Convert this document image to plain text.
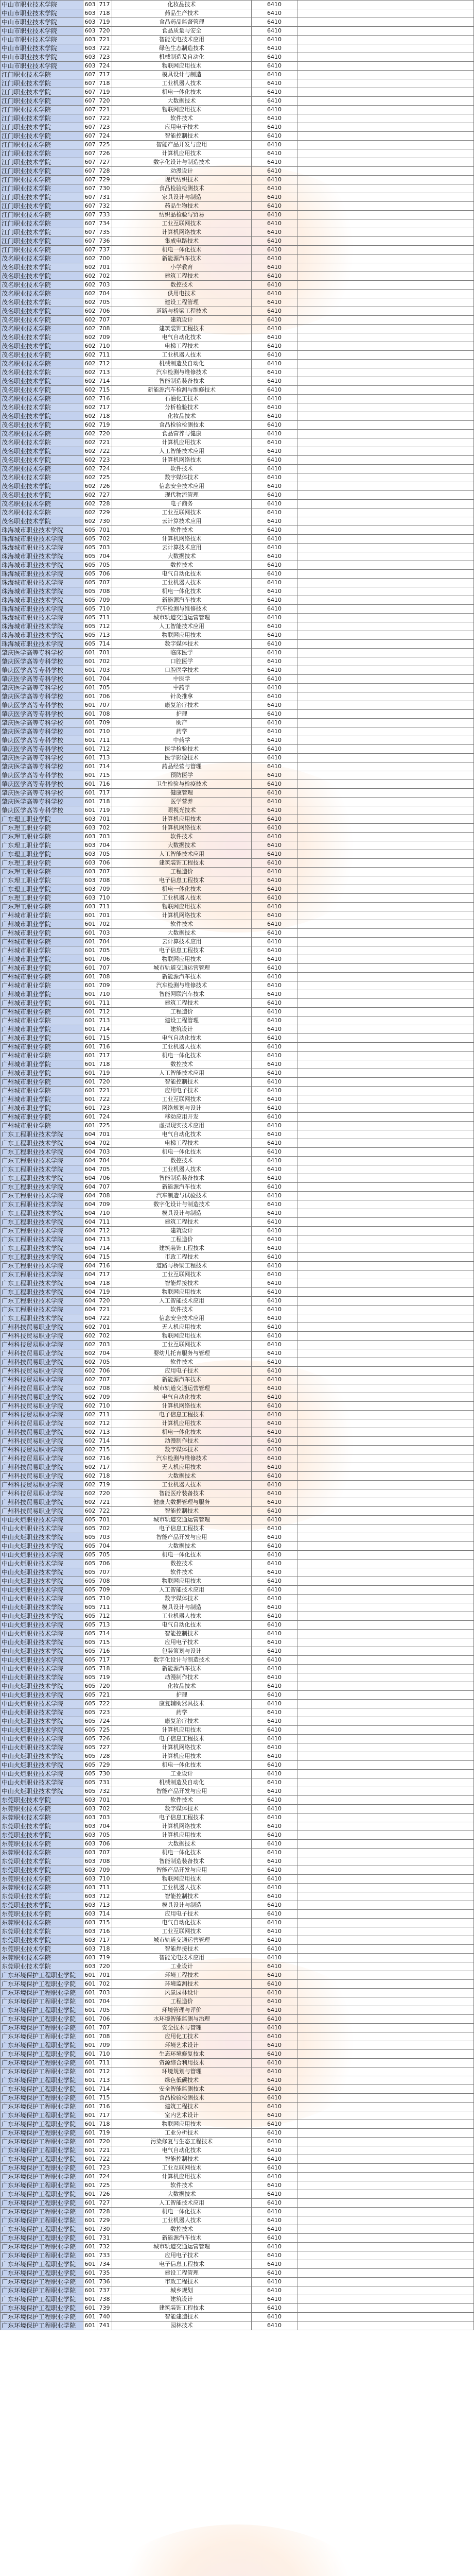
中山市职业技术学院	603	717	化妆品技术	6410	
中山市职业技术学院	603	718	药品生产技术	6410	
中山市职业技术学院	603	719	食品药品监督管理	6410	
中山市职业技术学院	603	720	食品质量与安全	6410	
中山市职业技术学院	603	721	智能光电技术应用	6410	
中山市职业技术学院	603	722	绿色生态制造技术	6410	
中山市职业技术学院	603	723	机械制造及自动化	6410	
中山市职业技术学院	603	724	物联网应用技术	6410	
江门职业技术学院	607	717	模具设计与制造	6410	
江门职业技术学院	607	718	工业机器人技术	6410	
江门职业技术学院	607	719	机电一体化技术	6410	
江门职业技术学院	607	720	大数据技术	6410	
江门职业技术学院	607	721	物联网应用技术	6410	
江门职业技术学院	607	722	软件技术	6410	
江门职业技术学院	607	723	应用电子技术	6410	
江门职业技术学院	607	724	智能控制技术	6410	
江门职业技术学院	607	725	智能产品开发与应用	6410	
江门职业技术学院	607	726	计算机应用技术	6410	
江门职业技术学院	607	727	数字化设计与制造技术	6410	
江门职业技术学院	607	728	动漫设计	6410	
江门职业技术学院	607	729	现代纺织技术	6410	
江门职业技术学院	607	730	食品检验检测技术	6410	
江门职业技术学院	607	731	家具设计与制造	6410	
江门职业技术学院	607	732	药品生物技术	6410	
江门职业技术学院	607	733	纺织品检验与贸易	6410	
江门职业技术学院	607	734	工业互联网技术	6410	
江门职业技术学院	607	735	计算机网络技术	6410	
江门职业技术学院	607	736	集成电路技术	6410	
江门职业技术学院	607	737	机电一体化技术	6410	
茂名职业技术学院	602	700	新能源汽车技术	6410	
茂名职业技术学院	602	701	小学教育	6410	
茂名职业技术学院	602	702	建筑工程技术	6410	
茂名职业技术学院	602	703	数控技术	6410	
茂名职业技术学院	602	704	供用电技术	6410	
茂名职业技术学院	602	705	建设工程管理	6410	
茂名职业技术学院	602	706	道路与桥梁工程技术	6410	
茂名职业技术学院	602	707	建筑设计	6410	
茂名职业技术学院	602	708	建筑装饰工程技术	6410	
茂名职业技术学院	602	709	电气自动化技术	6410	
茂名职业技术学院	602	710	电梯工程技术	6410	
茂名职业技术学院	602	711	工业机器人技术	6410	
茂名职业技术学院	602	712	机械制造及自动化	6410	
茂名职业技术学院	602	713	汽车检测与维修技术	6410	
茂名职业技术学院	602	714	智能制造装备技术	6410	
茂名职业技术学院	602	715	新能源汽车检测与维修技术	6410	
茂名职业技术学院	602	716	石油化工技术	6410	
茂名职业技术学院	602	717	分析检验技术	6410	
茂名职业技术学院	602	718	化妆品技术	6410	
茂名职业技术学院	602	719	食品检验检测技术	6410	
茂名职业技术学院	602	720	食品营养与健康	6410	
茂名职业技术学院	602	721	计算机应用技术	6410	
茂名职业技术学院	602	722	人工智能技术应用	6410	
茂名职业技术学院	602	723	计算机网络技术	6410	
茂名职业技术学院	602	724	软件技术	6410	
茂名职业技术学院	602	725	数字媒体技术	6410	
茂名职业技术学院	602	726	信息安全技术应用	6410	
茂名职业技术学院	602	727	现代物流管理	6410	
茂名职业技术学院	602	728	电子商务	6410	
茂名职业技术学院	602	729	工业互联网技术	6410	
茂名职业技术学院	602	730	云计算技术应用	6410	
珠海城市职业技术学院	605	701	软件技术	6410	
珠海城市职业技术学院	605	702	计算机网络技术	6410	
珠海城市职业技术学院	605	703	云计算技术应用	6410	
珠海城市职业技术学院	605	704	大数据技术	6410	
珠海城市职业技术学院	605	705	数控技术	6410	
珠海城市职业技术学院	605	706	电气自动化技术	6410	
珠海城市职业技术学院	605	707	工业机器人技术	6410	
珠海城市职业技术学院	605	708	机电一体化技术	6410	
珠海城市职业技术学院	605	709	新能源汽车技术	6410	
珠海城市职业技术学院	605	710	汽车检测与维修技术	6410	
珠海城市职业技术学院	605	711	城市轨道交通运营管理	6410	
珠海城市职业技术学院	605	712	人工智能技术应用	6410	
珠海城市职业技术学院	605	713	物联网应用技术	6410	
珠海城市职业技术学院	605	714	数字媒体技术	6410	
肇庆医学高等专科学校	601	701	临床医学	6410	
肇庆医学高等专科学校	601	702	口腔医学	6410	
肇庆医学高等专科学校	601	703	口腔医学技术	6410	
肇庆医学高等专科学校	601	704	中医学	6410	
肇庆医学高等专科学校	601	705	中药学	6410	
肇庆医学高等专科学校	601	706	针灸推拿	6410	
肇庆医学高等专科学校	601	707	康复治疗技术	6410	
肇庆医学高等专科学校	601	708	护理	6410	
肇庆医学高等专科学校	601	709	助产	6410	
肇庆医学高等专科学校	601	710	药学	6410	
肇庆医学高等专科学校	601	711	中药学	6410	
肇庆医学高等专科学校	601	712	医学检验技术	6410	
肇庆医学高等专科学校	601	713	医学影像技术	6410	
肇庆医学高等专科学校	601	714	药品经营与管理	6410	
肇庆医学高等专科学校	601	715	预防医学	6410	
肇庆医学高等专科学校	601	716	卫生检验与检疫技术	6410	
肇庆医学高等专科学校	601	717	健康管理	6410	
肇庆医学高等专科学校	601	718	医学营养	6410	
肇庆医学高等专科学校	601	719	眼视光技术	6410	
广东理工职业学院	603	701	计算机应用技术	6410	
广东理工职业学院	603	702	计算机网络技术	6410	
广东理工职业学院	603	703	软件技术	6410	
广东理工职业学院	603	704	大数据技术	6410	
广东理工职业学院	603	705	人工智能技术应用	6410	
广东理工职业学院	603	706	建筑装饰工程技术	6410	
广东理工职业学院	603	707	工程造价	6410	
广东理工职业学院	603	708	电子信息工程技术	6410	
广东理工职业学院	603	709	机电一体化技术	6410	
广东理工职业学院	603	710	工业机器人技术	6410	
广东理工职业学院	603	711	物联网应用技术	6410	
广州城市职业学院	601	701	计算机网络技术	6410	
广州城市职业学院	601	702	软件技术	6410	
广州城市职业学院	601	703	大数据技术	6410	
广州城市职业学院	601	704	云计算技术应用	6410	
广州城市职业学院	601	705	电子信息工程技术	6410	
广州城市职业学院	601	706	物联网应用技术	6410	
广州城市职业学院	601	707	城市轨道交通运营管理	6410	
广州城市职业学院	601	708	新能源汽车技术	6410	
广州城市职业学院	601	709	汽车检测与维修技术	6410	
广州城市职业学院	601	710	智能网联汽车技术	6410	
广州城市职业学院	601	711	建筑工程技术	6410	
广州城市职业学院	601	712	工程造价	6410	
广州城市职业学院	601	713	建设工程管理	6410	
广州城市职业学院	601	714	建筑设计	6410	
广州城市职业学院	601	715	电气自动化技术	6410	
广州城市职业学院	601	716	工业机器人技术	6410	
广州城市职业学院	601	717	机电一体化技术	6410	
广州城市职业学院	601	718	数控技术	6410	
广州城市职业学院	601	719	人工智能技术应用	6410	
广州城市职业学院	601	720	智能控制技术	6410	
广州城市职业学院	601	721	应用电子技术	6410	
广州城市职业学院	601	722	工业互联网技术	6410	
广州城市职业学院	601	723	网络规划与设计	6410	
广州城市职业学院	601	724	移动应用开发	6410	
广州城市职业学院	601	725	虚拟现实技术应用	6410	
广东工程职业技术学院	604	701	电气自动化技术	6410	
广东工程职业技术学院	604	702	电梯工程技术	6410	
广东工程职业技术学院	604	703	机电一体化技术	6410	
广东工程职业技术学院	604	704	数控技术	6410	
广东工程职业技术学院	604	705	工业机器人技术	6410	
广东工程职业技术学院	604	706	智能制造装备技术	6410	
广东工程职业技术学院	604	707	新能源汽车技术	6410	
广东工程职业技术学院	604	708	汽车制造与试验技术	6410	
广东工程职业技术学院	604	709	数字化设计与制造技术	6410	
广东工程职业技术学院	604	710	模具设计与制造	6410	
广东工程职业技术学院	604	711	建筑工程技术	6410	
广东工程职业技术学院	604	712	建筑设计	6410	
广东工程职业技术学院	604	713	工程造价	6410	
广东工程职业技术学院	604	714	建筑装饰工程技术	6410	
广东工程职业技术学院	604	715	市政工程技术	6410	
广东工程职业技术学院	604	716	道路与桥梁工程技术	6410	
广东工程职业技术学院	604	717	工业互联网技术	6410	
广东工程职业技术学院	604	718	智能焊接技术	6410	
广东工程职业技术学院	604	719	物联网应用技术	6410	
广东工程职业技术学院	604	720	人工智能技术应用	6410	
广东工程职业技术学院	604	721	软件技术	6410	
广东工程职业技术学院	604	722	信息安全技术应用	6410	
广州科技贸易职业学院	602	701	无人机应用技术	6410	
广州科技贸易职业学院	602	702	物联网应用技术	6410	
广州科技贸易职业学院	602	703	工业互联网技术	6410	
广州科技贸易职业学院	602	704	婴幼儿托育服务与管理	6410	
广州科技贸易职业学院	602	705	软件技术	6410	
广州科技贸易职业学院	602	706	应用电子技术	6410	
广州科技贸易职业学院	602	707	新能源汽车技术	6410	
广州科技贸易职业学院	602	708	城市轨道交通运营管理	6410	
广州科技贸易职业学院	602	709	电气自动化技术	6410	
广州科技贸易职业学院	602	710	计算机网络技术	6410	
广州科技贸易职业学院	602	711	电子信息工程技术	6410	
广州科技贸易职业学院	602	712	计算机应用技术	6410	
广州科技贸易职业学院	602	713	机电一体化技术	6410	
广州科技贸易职业学院	602	714	动漫制作技术	6410	
广州科技贸易职业学院	602	715	数字媒体技术	6410	
广州科技贸易职业学院	602	716	汽车检测与维修技术	6410	
广州科技贸易职业学院	602	717	无人机应用技术	6410	
广州科技贸易职业学院	602	718	大数据技术	6410	
广州科技贸易职业学院	602	719	工业机器人技术	6410	
广州科技贸易职业学院	602	720	智能医疗装备技术	6410	
广州科技贸易职业学院	602	721	健康大数据管理与服务	6410	
广州科技贸易职业学院	602	722	智能控制技术	6410	
中山火炬职业技术学院	605	701	城市轨道交通运营管理	6410	
中山火炬职业技术学院	605	702	电子信息工程技术	6410	
中山火炬职业技术学院	605	703	智能产品开发与应用	6410	
中山火炬职业技术学院	605	704	大数据技术	6410	
中山火炬职业技术学院	605	705	机电一体化技术	6410	
中山火炬职业技术学院	605	706	数控技术	6410	
中山火炬职业技术学院	605	707	软件技术	6410	
中山火炬职业技术学院	605	708	物联网应用技术	6410	
中山火炬职业技术学院	605	709	人工智能技术应用	6410	
中山火炬职业技术学院	605	710	数字媒体技术	6410	
中山火炬职业技术学院	605	711	模具设计与制造	6410	
中山火炬职业技术学院	605	712	工业机器人技术	6410	
中山火炬职业技术学院	605	713	电气自动化技术	6410	
中山火炬职业技术学院	605	714	智能控制技术	6410	
中山火炬职业技术学院	605	715	应用电子技术	6410	
中山火炬职业技术学院	605	716	包装策划与设计	6410	
中山火炬职业技术学院	605	717	数字化设计与制造技术	6410	
中山火炬职业技术学院	605	718	新能源汽车技术	6410	
中山火炬职业技术学院	605	719	动漫制作技术	6410	
中山火炬职业技术学院	605	720	化妆品技术	6410	
中山火炬职业技术学院	605	721	护理	6410	
中山火炬职业技术学院	605	722	康复辅助器具技术	6410	
中山火炬职业技术学院	605	723	药学	6410	
中山火炬职业技术学院	605	724	康复治疗技术	6410	
中山火炬职业技术学院	605	725	计算机应用技术	6410	
中山火炬职业技术学院	605	726	电子信息工程技术	6410	
中山火炬职业技术学院	605	727	计算机网络技术	6410	
中山火炬职业技术学院	605	728	计算机应用技术	6410	
中山火炬职业技术学院	605	729	机电一体化技术	6410	
中山火炬职业技术学院	605	730	工业设计	6410	
中山火炬职业技术学院	605	731	机械制造及自动化	6410	
中山火炬职业技术学院	605	732	智能产品开发与应用	6410	
东莞职业技术学院	603	701	软件技术	6410	
东莞职业技术学院	603	702	数字媒体技术	6410	
东莞职业技术学院	603	703	电子信息工程技术	6410	
东莞职业技术学院	603	704	计算机网络技术	6410	
东莞职业技术学院	603	705	计算机应用技术	6410	
东莞职业技术学院	603	706	大数据技术	6410	
东莞职业技术学院	603	707	机电一体化技术	6410	
东莞职业技术学院	603	708	智能制造装备技术	6410	
东莞职业技术学院	603	709	智能产品开发与应用	6410	
东莞职业技术学院	603	710	物联网应用技术	6410	
东莞职业技术学院	603	711	工业机器人技术	6410	
东莞职业技术学院	603	712	智能控制技术	6410	
东莞职业技术学院	603	713	模具设计与制造	6410	
东莞职业技术学院	603	714	应用电子技术	6410	
东莞职业技术学院	603	715	电气自动化技术	6410	
东莞职业技术学院	603	716	工业互联网技术	6410	
东莞职业技术学院	603	717	城市轨道交通运营管理	6410	
东莞职业技术学院	603	718	智能焊接技术	6410	
东莞职业技术学院	603	719	智能光电技术应用	6410	
东莞职业技术学院	603	720	工业设计	6410	
广东环境保护工程职业学院	601	701	环境工程技术	6410	
广东环境保护工程职业学院	601	702	环境监测技术	6410	
广东环境保护工程职业学院	601	703	风景园林设计	6410	
广东环境保护工程职业学院	601	704	工程造价	6410	
广东环境保护工程职业学院	601	705	环境管理与评价	6410	
广东环境保护工程职业学院	601	706	水环境智能监测与治理	6410	
广东环境保护工程职业学院	601	707	安全技术与管理	6410	
广东环境保护工程职业学院	601	708	应用化工技术	6410	
广东环境保护工程职业学院	601	709	环境艺术设计	6410	
广东环境保护工程职业学院	601	710	生态环境修复技术	6410	
广东环境保护工程职业学院	601	711	资源综合利用技术	6410	
广东环境保护工程职业学院	601	712	环境规划与管理	6410	
广东环境保护工程职业学院	601	713	绿色低碳技术	6410	
广东环境保护工程职业学院	601	714	安全智能监测技术	6410	
广东环境保护工程职业学院	601	715	食品检验检测技术	6410	
广东环境保护工程职业学院	601	716	建筑工程技术	6410	
广东环境保护工程职业学院	601	717	室内艺术设计	6410	
广东环境保护工程职业学院	601	718	物联网应用技术	6410	
广东环境保护工程职业学院	601	719	工业分析技术	6410	
广东环境保护工程职业学院	601	720	污染修复与生态工程技术	6410	
广东环境保护工程职业学院	601	721	电气自动化技术	6410	
广东环境保护工程职业学院	601	722	智能控制技术	6410	
广东环境保护工程职业学院	601	723	工业互联网技术	6410	
广东环境保护工程职业学院	601	724	计算机应用技术	6410	
广东环境保护工程职业学院	601	725	软件技术	6410	
广东环境保护工程职业学院	601	726	大数据技术	6410	
广东环境保护工程职业学院	601	727	人工智能技术应用	6410	
广东环境保护工程职业学院	601	728	机电一体化技术	6410	
广东环境保护工程职业学院	601	729	工业机器人技术	6410	
广东环境保护工程职业学院	601	730	数控技术	6410	
广东环境保护工程职业学院	601	731	新能源汽车技术	6410	
广东环境保护工程职业学院	601	732	城市轨道交通运营管理	6410	
广东环境保护工程职业学院	601	733	应用电子技术	6410	
广东环境保护工程职业学院	601	734	电子信息工程技术	6410	
广东环境保护工程职业学院	601	735	建设工程管理	6410	
广东环境保护工程职业学院	601	736	市政工程技术	6410	
广东环境保护工程职业学院	601	737	城乡规划	6410	
广东环境保护工程职业学院	601	738	建筑设计	6410	
广东环境保护工程职业学院	601	739	建筑装饰工程技术	6410	
广东环境保护工程职业学院	601	740	智能建造技术	6410	
广东环境保护工程职业学院	601	741	园林技术	6410	
